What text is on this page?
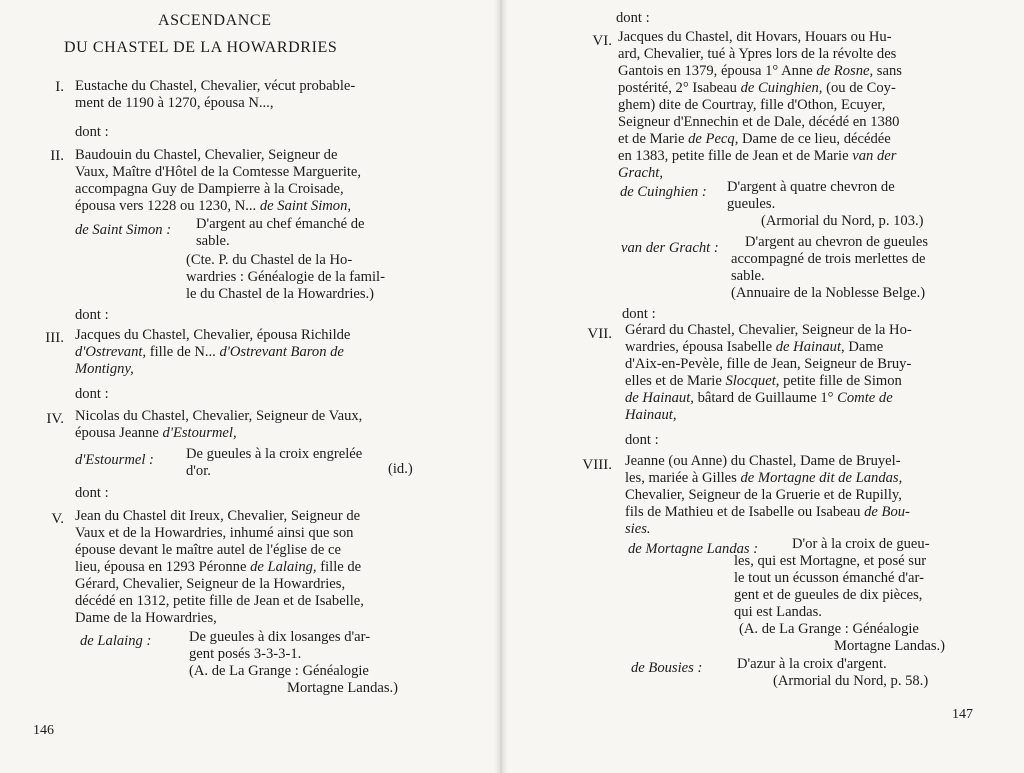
ASCENDANCE
DU CHASTEL DE LA HOWARDRIES
I. Eustache du Chastel, Chevalier, vécut probable-
ment de 1190 à 1270, épousa N...,
dont :
II. Baudouin du Chastel, Chevalier, Seigneur de
Vaux, Maître d'Hôtel de la Comtesse Marguerite,
accompagna Guy de Dampierre à la Croisade,
épousa vers 1228 ou 1230, N... de Saint Simon,
de Saint Simon : D'argent au chef émanché de
sable.
(Cte. P. du Chastel de la Ho-
wardries : Généalogie de la famil-
le du Chastel de la Howardries.)
dont :
III. Jacques du Chastel, Chevalier, épousa Richilde
d'Ostrevant, fille de N... d'Ostrevant Baron de
Montigny,
dont :
IV. Nicolas du Chastel, Chevalier, Seigneur de Vaux,
épousa Jeanne d'Estourmel,
d'Estourmel : De gueules à la croix engrelée
d'or.	(id.)
dont :
V. Jean du Chastel dit Ireux, Chevalier, Seigneur de
Vaux et de la Howardries, inhumé ainsi que son
épouse devant le maître autel de l'église de ce
lieu, épousa en 1293 Péronne de Lalaing, fille de
Gérard, Chevalier, Seigneur de la Howardries,
décédé en 1312, petite fille de Jean et de Isabelle,
Dame de la Howardries,
de Lalaing :	De gueules à dix losanges d'ar-
gent posés 3-3-3-1.
(A. de La Grange : Généalogie
Mortagne Landas.)
146
dont :
VI. Jacques du Chastel, dit Hovars, Houars ou Hu-
ard, Chevalier, tué à Ypres lors de la révolte des
Gantois en 1379, épousa 1° Anne de Rosne, sans
postérité, 2° Isabeau de Cuinghien, (ou de Coy-
ghem) dite de Courtray, fille d'Othon, Ecuyer,
Seigneur d'Ennechin et de Dale, décédé en 1380
et de Marie de Pecq, Dame de ce lieu, décédée
en 1383, petite fille de Jean et de Marie van der
Gracht,
de Cuinghien : D'argent à quatre chevron de
gueules.
(Armorial du Nord, p. 103.)
van der Gracht : D'argent au chevron de gueules
accompagné de trois merlettes de
sable.
(Annuaire de la Noblesse Belge.)
dont :
VII. Gérard du Chastel, Chevalier, Seigneur de la Ho-
wardries, épousa Isabelle de Hainaut, Dame
d'Aix-en-Pevèle, fille de Jean, Seigneur de Bruy-
elles et de Marie Slocquet, petite fille de Simon
de Hainaut, bâtard de Guillaume 1° Comte de
Hainaut,
dont :
VIII. Jeanne (ou Anne) du Chastel, Dame de Bruyel-
les, mariée à Gilles de Mortagne dit de Landas,
Chevalier, Seigneur de la Gruerie et de Rupilly,
fils de Mathieu et de Isabelle ou Isabeau de Bou-
sies.
de Mortagne Landas : D'or à la croix de gueu-
les, qui est Mortagne, et posé sur
le tout un écusson émanché d'ar-
gent et de gueules de dix pièces,
qui est Landas.
(A. de La Grange : Généalogie
Mortagne Landas.)
de Bousies : D'azur à la croix d'argent.
(Armorial du Nord, p. 58.)
147
